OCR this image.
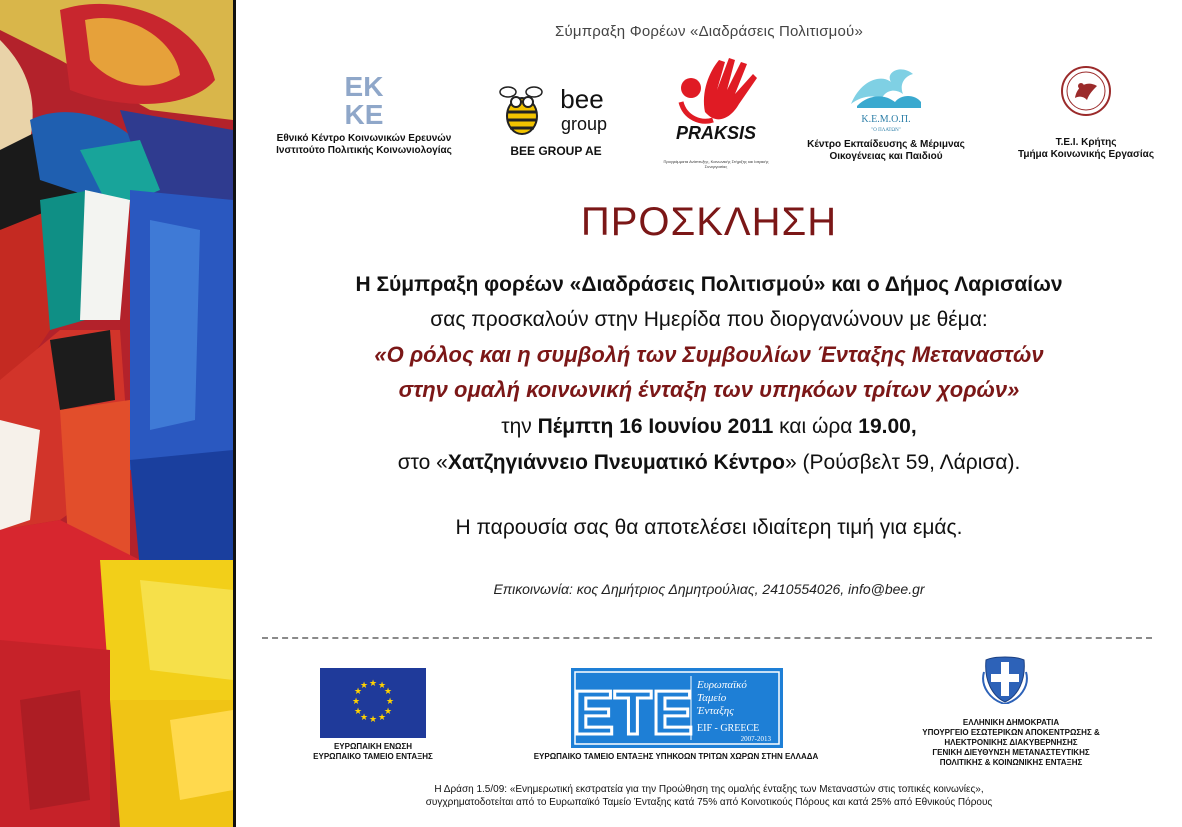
Σύμπραξη Φορέων «Διαδράσεις Πολιτισμού»
EK
KE
Εθνικό Κέντρο Κοινωνικών Ερευνών
Ινστιτούτο Πολιτικής Κοινωνιολογίας
bee
group
BEE GROUP AE
PRAKSIS
Προγράμματα Ανάπτυξης, Κοινωνικής Στήριξης και Ιατρικής Συνεργασίας
Κ.Ε.Μ.Ο.Π.
"Ο ΠΛΑΤΩΝ"
Κέντρο Εκπαίδευσης & Μέριμνας
Οικογένειας και Παιδιού
Τ.Ε.Ι. Κρήτης
Τμήμα Κοινωνικής Εργασίας
ΠΡΟΣΚΛΗΣΗ
Η Σύμπραξη φορέων «Διαδράσεις Πολιτισμού» και ο Δήμος Λαρισαίων
σας προσκαλούν στην Ημερίδα που διοργανώνουν με θέμα:
«Ο ρόλος και η συμβολή των Συμβουλίων Ένταξης Μεταναστών
στην ομαλή κοινωνική ένταξη των υπηκόων τρίτων χορών»
την Πέμπτη 16 Ιουνίου 2011 και ώρα 19.00,
στο «Χατζηγιάννειο Πνευματικό Κέντρο» (Ρούσβελτ 59, Λάρισα).
Η παρουσία σας θα αποτελέσει ιδιαίτερη τιμή για εμάς.
Επικοινωνία: κος Δημήτριος Δημητρούλιας, 2410554026, info@bee.gr
★ ★
★
★
★
★
★
★
★
★
★
★
ΕΥΡΩΠΑΙΚΗ ΕΝΩΣΗ
ΕΥΡΩΠΑΙΚΟ ΤΑΜΕΙΟ ΕΝΤΑΞΗΣ
ΕΤΕ Ευρωπαϊκό
Ταμείο
Ένταξης
EIF - GREECE
2007-2013
ΕΥΡΩΠΑΙΚΟ ΤΑΜΕΙΟ ΕΝΤΑΞΗΣ ΥΠΗΚΟΩΝ ΤΡΙΤΩΝ ΧΩΡΩΝ ΣΤΗΝ ΕΛΛΑΔΑ
ΕΛΛΗΝΙΚΗ ΔΗΜΟΚΡΑΤΙΑ
ΥΠΟΥΡΓΕΙΟ ΕΣΩΤΕΡΙΚΩΝ ΑΠΟΚΕΝΤΡΩΣΗΣ &
ΗΛΕΚΤΡΟΝΙΚΗΣ ΔΙΑΚΥΒΕΡΝΗΣΗΣ
ΓΕΝΙΚΗ ΔΙΕΥΘΥΝΣΗ ΜΕΤΑΝΑΣΤΕΥΤΙΚΗΣ
ΠΟΛΙΤΙΚΗΣ & ΚΟΙΝΩΝΙΚΗΣ ΕΝΤΑΞΗΣ
Η Δράση 1.5/09: «Ενημερωτική εκστρατεία για την Προώθηση της ομαλής ένταξης των Μεταναστών στις τοπικές κοινωνίες»,
συγχρηματοδοτείται από το Ευρωπαϊκό Ταμείο Ένταξης κατά 75% από Κοινοτικούς Πόρους και κατά 25% από Εθνικούς Πόρους
